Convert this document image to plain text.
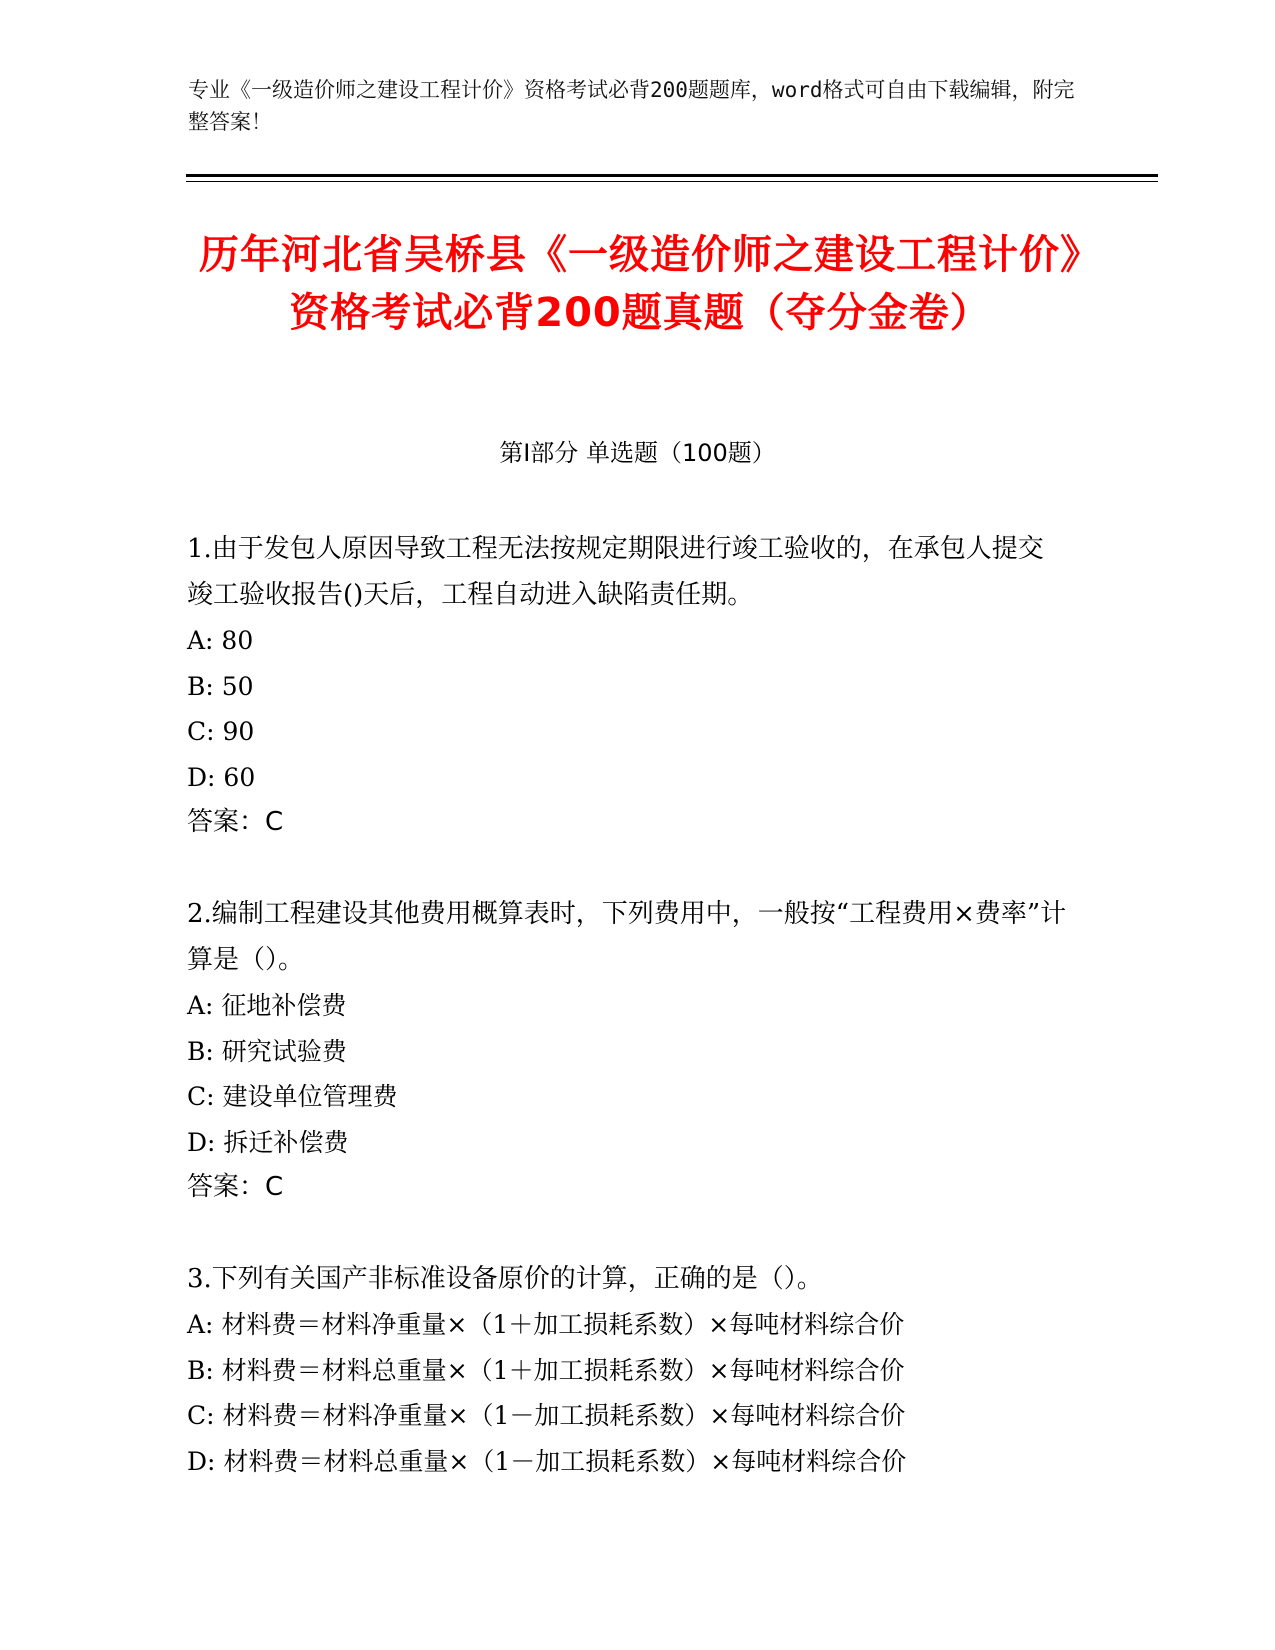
专业《一级造价师之建设工程计价》资格考试必背200题题库，word格式可自由下载编辑，附完整答案！
历年河北省吴桥县《一级造价师之建设工程计价》资格考试必背200题真题（夺分金卷）
第I部分 单选题（100题）

1.由于发包人原因导致工程无法按规定期限进行竣工验收的，在承包人提交竣工验收报告()天后，工程自动进入缺陷责任期。

A: 80

B: 50

C: 90

D: 60

答案：C

2.编制工程建设其他费用概算表时，下列费用中，一般按“工程费用×费率”计算是（）。

A: 征地补偿费

B: 研究试验费

C: 建设单位管理费

D: 拆迁补偿费

答案：C

3.下列有关国产非标准设备原价的计算，正确的是（）。

A: 材料费＝材料净重量×（1＋加工损耗系数）×每吨材料综合价

B: 材料费＝材料总重量×（1＋加工损耗系数）×每吨材料综合价

C: 材料费＝材料净重量×（1－加工损耗系数）×每吨材料综合价

D: 材料费＝材料总重量×（1－加工损耗系数）×每吨材料综合价
